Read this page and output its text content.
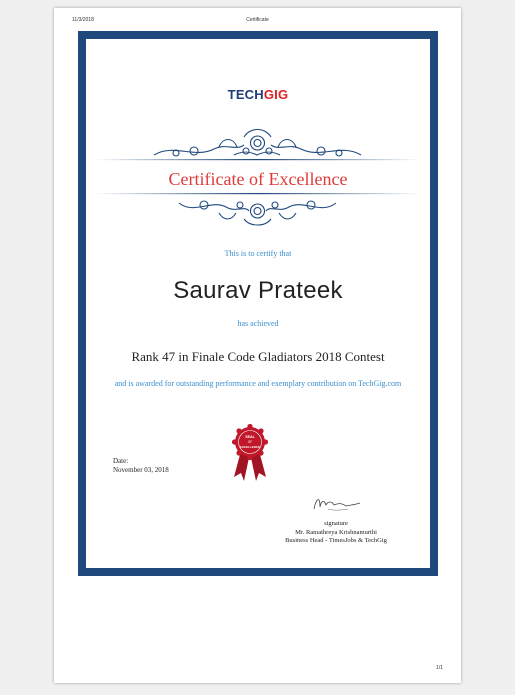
11/3/2018	Certificate
TECHGIG
Certificate of Excellence
This is to certify that
Saurav Prateek
has achieved
Rank 47 in Finale Code Gladiators 2018 Contest
and is awarded for outstanding performance and exemplary contribution on TechGig.com
SEAL
OF
EXCELLENCE
Date:
November 03, 2018
signature
Mr. Ramathreya Krishnamurthi
Business Head - TimesJobs & TechGig
1/1
